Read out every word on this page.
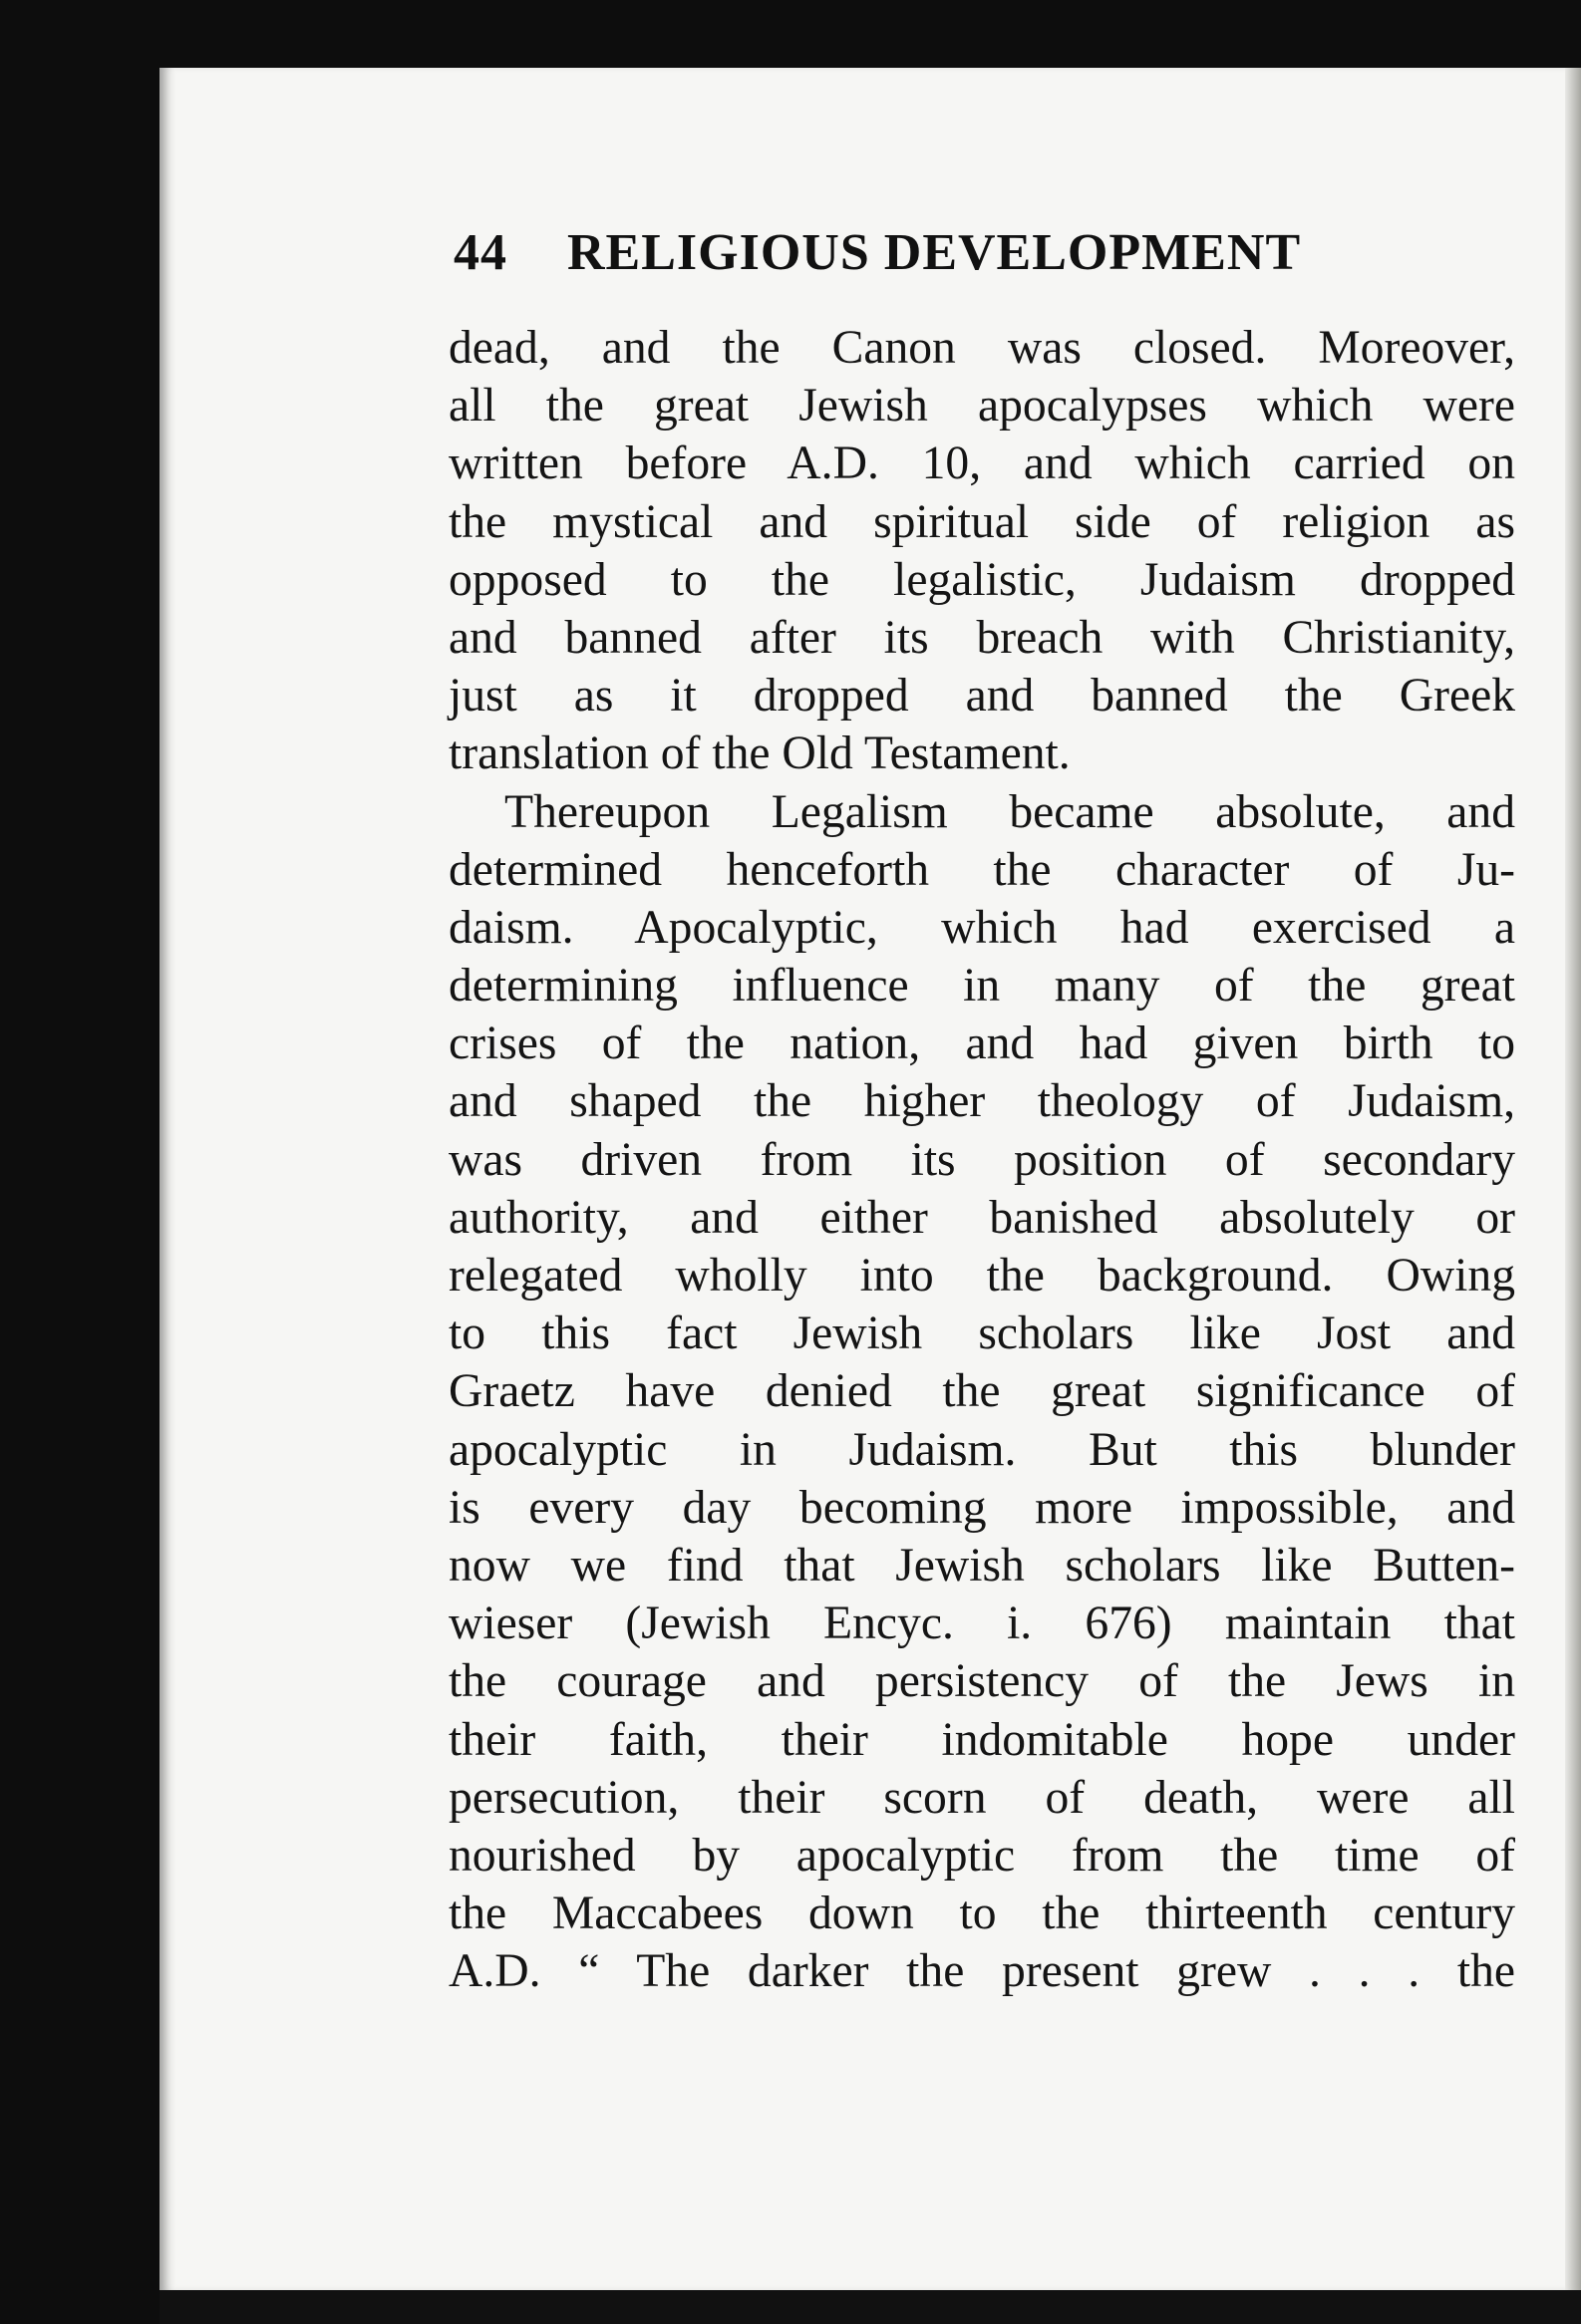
44 RELIGIOUS DEVELOPMENT
dead, and the Canon was closed. Moreover,
all the great Jewish apocalypses which were
written before A.D. 10, and which carried on
the mystical and spiritual side of religion as
opposed to the legalistic, Judaism dropped
and banned after its breach with Christianity,
just as it dropped and banned the Greek
translation of the Old Testament.
Thereupon Legalism became absolute, and
determined henceforth the character of Ju-
daism. Apocalyptic, which had exercised a
determining influence in many of the great
crises of the nation, and had given birth to
and shaped the higher theology of Judaism,
was driven from its position of secondary
authority, and either banished absolutely or
relegated wholly into the background. Owing
to this fact Jewish scholars like Jost and
Graetz have denied the great significance of
apocalyptic in Judaism. But this blunder
is every day becoming more impossible, and
now we find that Jewish scholars like Butten-
wieser (Jewish Encyc. i. 676) maintain that
the courage and persistency of the Jews in
their faith, their indomitable hope under
persecution, their scorn of death, were all
nourished by apocalyptic from the time of
the Maccabees down to the thirteenth century
A.D. “ The darker the present grew . . . the
